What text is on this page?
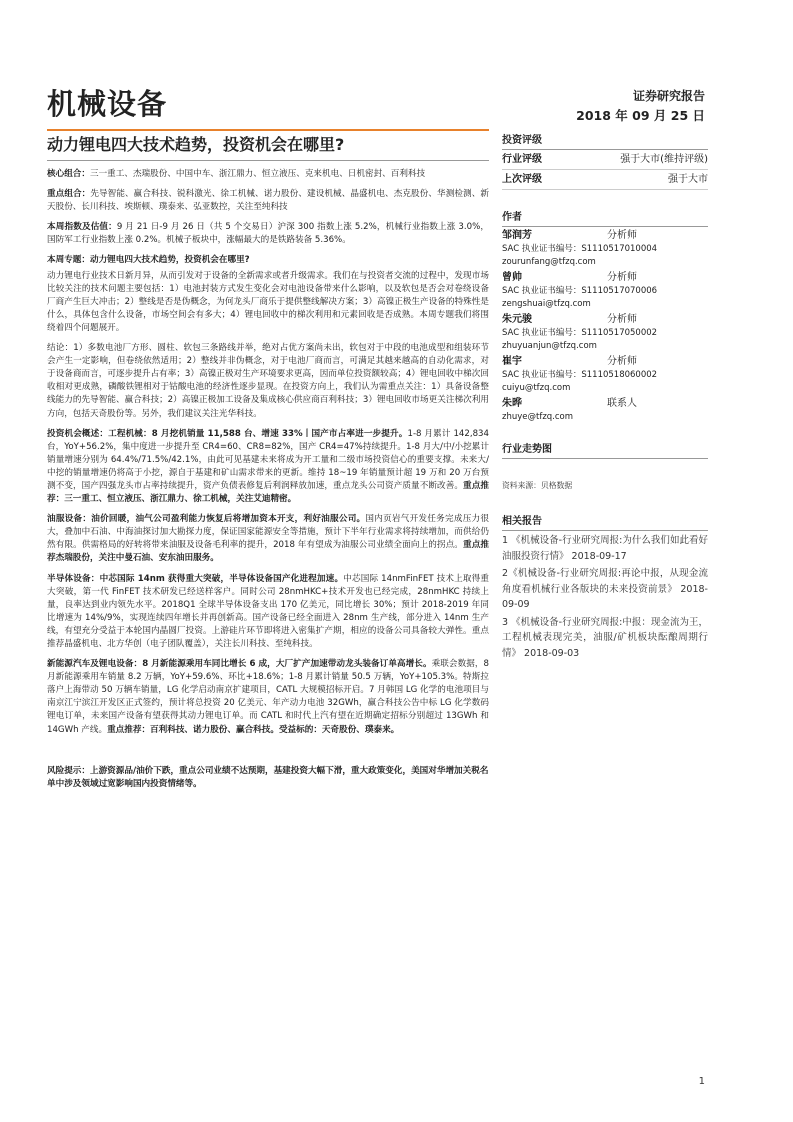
机械设备	证券研究报告
2018 年 09 月 25 日
动力锂电四大技术趋势，投资机会在哪里?
核心组合：三一重工、杰瑞股份、中国中车、浙江鼎力、恒立液压、克来机电、日机密封、百利科技
重点组合：先导智能、赢合科技、锐科激光、徐工机械、诺力股份、建设机械、晶盛机电、杰克股份、华测检测、新天股份、长川科技、埃斯顿、璞泰来、弘亚数控，关注至纯科技
本周指数及估值：9 月 21 日-9 月 26 日（共 5 个交易日）沪深 300 指数上涨 5.2%，机械行业指数上涨 3.0%，国防军工行业指数上涨 0.2%。机械子板块中，涨幅最大的是铁路装备 5.36%。
本周专题：动力锂电四大技术趋势，投资机会在哪里?
动力锂电行业技术日新月异，从而引发对于设备的全新需求或者升级需求。我们在与投资者交流的过程中，发现市场比较关注的技术问题主要包括：1）电池封装方式发生变化会对电池设备带来什么影响，以及软包是否会对卷绕设备厂商产生巨大冲击；2）整线是否是伪概念，为何龙头厂商乐于提供整线解决方案；3）高镍正极生产设备的特殊性是什么，具体包含什么设备，市场空间会有多大；4）锂电回收中的梯次利用和元素回收是否成熟。本周专题我们将围绕着四个问题展开。
结论：1）多数电池厂方形、圆柱、软包三条路线并举，绝对占优方案尚未出，软包对于中段的电池成型和组装环节会产生一定影响，但卷绕依然适用；2）整线并非伪概念，对于电池厂商而言，可满足其越来越高的自动化需求，对于设备商而言，可逐步提升占有率；3）高镍正极对生产环境要求更高，因而单位投资额较高；4）锂电回收中梯次回收相对更成熟，磷酸铁锂相对于钴酸电池的经济性逐步显现。在投资方向上，我们认为需重点关注：1）具备设备整线能力的先导智能、赢合科技；2）高镍正极加工设备及集成核心供应商百利科技；3）锂电回收市场更关注梯次利用方向，包括天奇股份等。另外，我们建议关注光华科技。
投资机会概述：工程机械：8 月挖机销量 11,588 台、增速 33%丨国产市占率进一步提升。1-8 月累计 142,834 台，YoY+56.2%，集中度进一步提升至 CR4=60、CR8=82%，国产 CR4=47%持续提升。1-8 月大/中/小挖累计销量增速分别为 64.4%/71.5%/42.1%，由此可见基建未来将成为开工量和二级市场投资信心的重要支撑。未来大/中挖的销量增速仍将高于小挖，源自于基建和矿山需求带来的更新。维持 18~19 年销量预计超 19 万和 20 万台预测不变，国产四强龙头市占率持续提升，资产负债表修复后利润释放加速，重点龙头公司资产质量不断改善。重点推荐：三一重工、恒立液压、浙江鼎力、徐工机械，关注艾迪精密。
油服设备：油价回暖，油气公司盈利能力恢复后将增加资本开支，利好油服公司。国内页岩气开发任务完成压力很大，叠加中石油、中海油探讨加大勘探力度，保证国家能源安全等措施，预计下半年行业需求将持续增加，而供给仍然有限。供需格局的好转将带来油服及设备毛利率的提升，2018 年有望成为油服公司业绩全面向上的拐点。重点推荐杰瑞股份，关注中曼石油、安东油田服务。
半导体设备：中芯国际 14nm 获得重大突破，半导体设备国产化进程加速。中芯国际 14nmFinFET 技术上取得重大突破，第一代 FinFET 技术研发已经送样客户。同时公司 28nmHKC+技术开发也已经完成，28nmHKC 持续上量，良率达到业内领先水平。2018Q1 全球半导体设备支出 170 亿美元，同比增长 30%；预计 2018-2019 年同比增速为 14%/9%，实现连续四年增长并再创新高。国产设备已经全面进入 28nm 生产线，部分进入 14nm 生产线，有望充分受益于本轮国内晶圆厂投资。上游硅片环节即将进入密集扩产期，相应的设备公司具备较大弹性。重点推荐晶盛机电、北方华创（电子团队覆盖），关注长川科技、至纯科技。
新能源汽车及锂电设备：8 月新能源乘用车同比增长 6 成，大厂扩产加速带动龙头装备订单高增长。乘联会数据，8 月新能源乘用车销量 8.2 万辆，YoY+59.6%、环比+18.6%；1-8 月累计销量 50.5 万辆，YoY+105.3%。特斯拉落户上海带动 50 万辆车销量，LG 化学启动南京扩建项目，CATL 大规模招标开启。7 月韩国 LG 化学的电池项目与南京江宁滨江开发区正式签约，预计将总投资 20 亿美元、年产动力电池 32GWh，赢合科技公告中标 LG 化学数码锂电订单，未来国产设备有望获得其动力锂电订单。而 CATL 和时代上汽有望在近期确定招标分别超过 13GWh 和 14GWh 产线。重点推荐：百利科技、诺力股份、赢合科技。受益标的：天奇股份、璞泰来。
风险提示：上游资源品/油价下跌，重点公司业绩不达预期，基建投资大幅下滑，重大政策变化，美国对华增加关税名单中涉及领域过宽影响国内投资情绪等。
投资评级
行业评级	强于大市(维持评级)
上次评级	强于大市
作者
邹润芳	分析师
SAC 执业证书编号：S1110517010004
zourunfang@tfzq.com
曾帅	分析师
SAC 执业证书编号：S1110517070006
zengshuai@tfzq.com
朱元骏	分析师
SAC 执业证书编号：S1110517050002
zhuyuanjun@tfzq.com
崔宇	分析师
SAC 执业证书编号：S1110518060002
cuiyu@tfzq.com
朱晔	联系人
zhuye@tfzq.com
行业走势图
资料来源：贝格数据
相关报告
1 《机械设备-行业研究周报:为什么我们如此看好油服投资行情》 2018-09-17
2《机械设备-行业研究周报:再论中报，从现金流角度看机械行业各版块的未来投资前景》 2018-09-09
3 《机械设备-行业研究周报:中报：现金流为王，工程机械表现完美，油服/矿机板块酝酿周期行情》 2018-09-03
1
